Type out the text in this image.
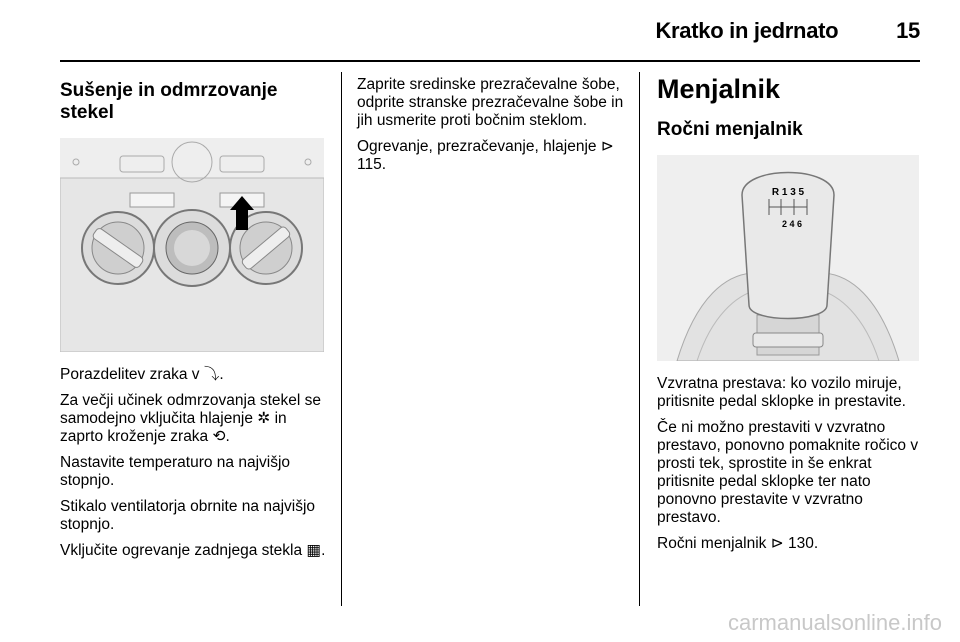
Kratko in jedrnato	15
Sušenje in odmrzovanje stekel

Porazdelitev zraka v ⤵.

Za večji učinek odmrzovanja stekel se samodejno vključita hlajenje ✲ in zaprto kroženje zraka ⟲.

Nastavite temperaturo na najvišjo stopnjo.

Stikalo ventilatorja obrnite na najvišjo stopnjo.

Vključite ogrevanje zadnjega stekla ▦.

Zaprite sredinske prezračevalne šobe, odprite stranske prezračevalne šobe in jih usmerite proti bočnim steklom.

Ogrevanje, prezračevanje, hlajenje ⊳ 115.

Menjalnik
Ročni menjalnik
R 1 3 5
2 4 6

Vzvratna prestava: ko vozilo miruje, pritisnite pedal sklopke in prestavite.

Če ni možno prestaviti v vzvratno prestavo, ponovno pomaknite ročico v prosti tek, sprostite in še enkrat pritisnite pedal sklopke ter nato ponovno prestavite v vzvratno prestavo.

Ročni menjalnik ⊳ 130.

carmanualsonline.info
